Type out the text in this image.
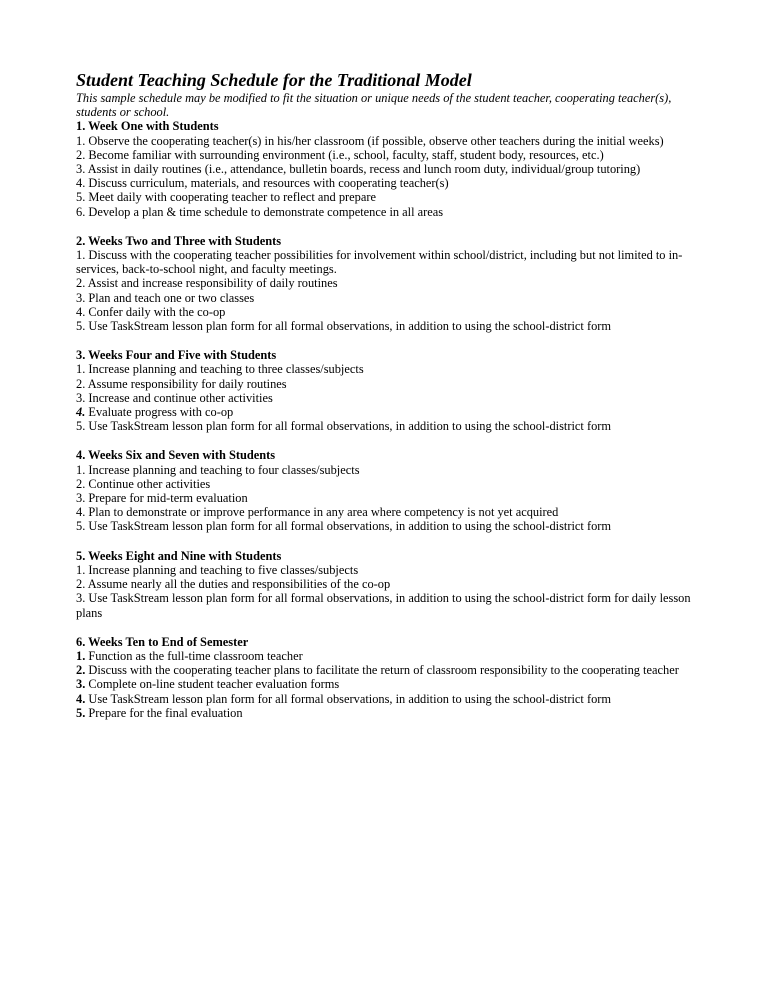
Student Teaching Schedule for the Traditional Model

This sample schedule may be modified to fit the situation or unique needs of the student teacher, cooperating teacher(s), students or school.

1. Week One with Students

1. Observe the cooperating teacher(s) in his/her classroom (if possible, observe other teachers during the initial weeks)

2. Become familiar with surrounding environment (i.e., school, faculty, staff, student body, resources, etc.)

3. Assist in daily routines (i.e., attendance, bulletin boards, recess and lunch room duty, individual/group tutoring)

4. Discuss curriculum, materials, and resources with cooperating teacher(s)

5. Meet daily with cooperating teacher to reflect and prepare

6. Develop a plan & time schedule to demonstrate competence in all areas

2. Weeks Two and Three with Students

1. Discuss with the cooperating teacher possibilities for involvement within school/district, including but not limited to in-services, back-to-school night, and faculty meetings.

2. Assist and increase responsibility of daily routines

3. Plan and teach one or two classes

4. Confer daily with the co-op

5. Use TaskStream lesson plan form for all formal observations, in addition to using the school-district form

3. Weeks Four and Five with Students

1. Increase planning and teaching to three classes/subjects

2. Assume responsibility for daily routines

3. Increase and continue other activities

4. Evaluate progress with co-op

5. Use TaskStream lesson plan form for all formal observations, in addition to using the school-district form

4. Weeks Six and Seven with Students

1. Increase planning and teaching to four classes/subjects

2. Continue other activities

3. Prepare for mid-term evaluation

4. Plan to demonstrate or improve performance in any area where competency is not yet acquired

5. Use TaskStream lesson plan form for all formal observations, in addition to using the school-district form

5. Weeks Eight and Nine with Students

1. Increase planning and teaching to five classes/subjects

2. Assume nearly all the duties and responsibilities of the co-op

3. Use TaskStream lesson plan form for all formal observations, in addition to using the school-district form for daily lesson plans

6. Weeks Ten to End of Semester

1. Function as the full-time classroom teacher

2. Discuss with the cooperating teacher plans to facilitate the return of classroom responsibility to the cooperating teacher

3. Complete on-line student teacher evaluation forms

4. Use TaskStream lesson plan form for all formal observations, in addition to using the school-district form

5. Prepare for the final evaluation
